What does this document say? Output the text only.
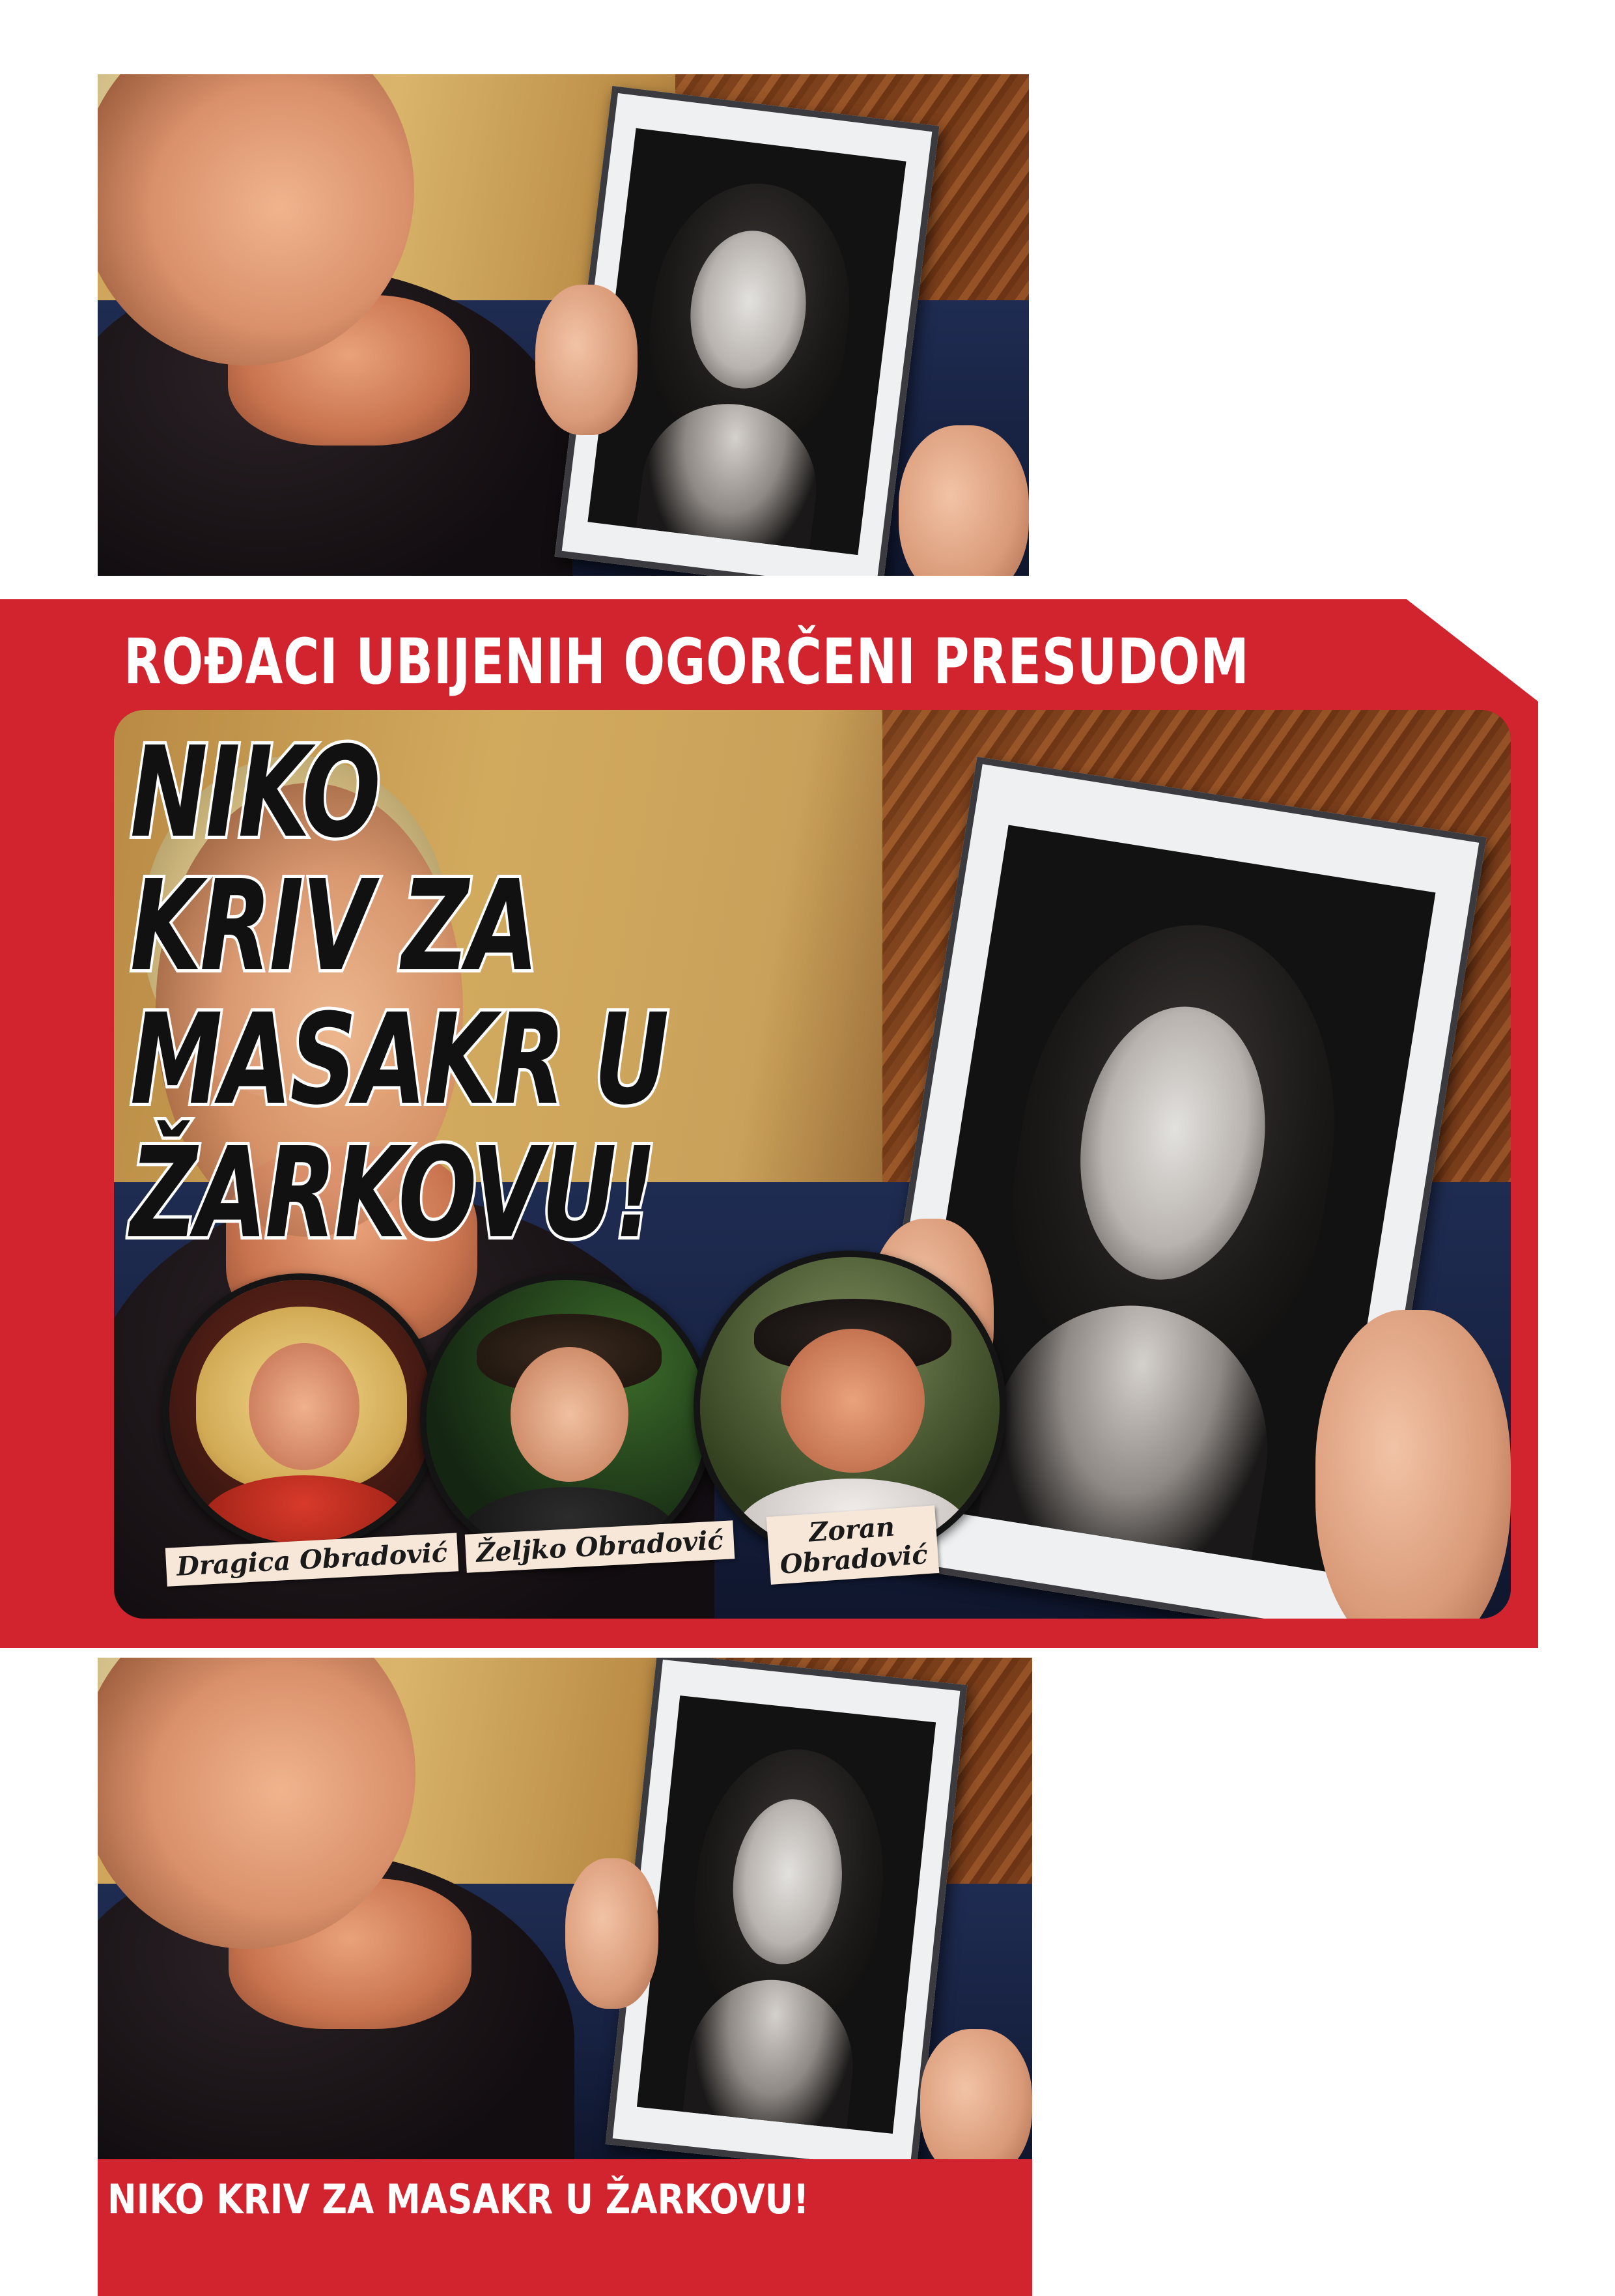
ROĐACI UBIJENIH OGORČENI PRESUDOM
NIKO
KRIV ZA
MASAKR U
ŽARKOVU!

Dragica Obradović	Željko Obradović	Zoran
Obradović

NIKO KRIV ZA MASAKR U ŽARKOVU!
